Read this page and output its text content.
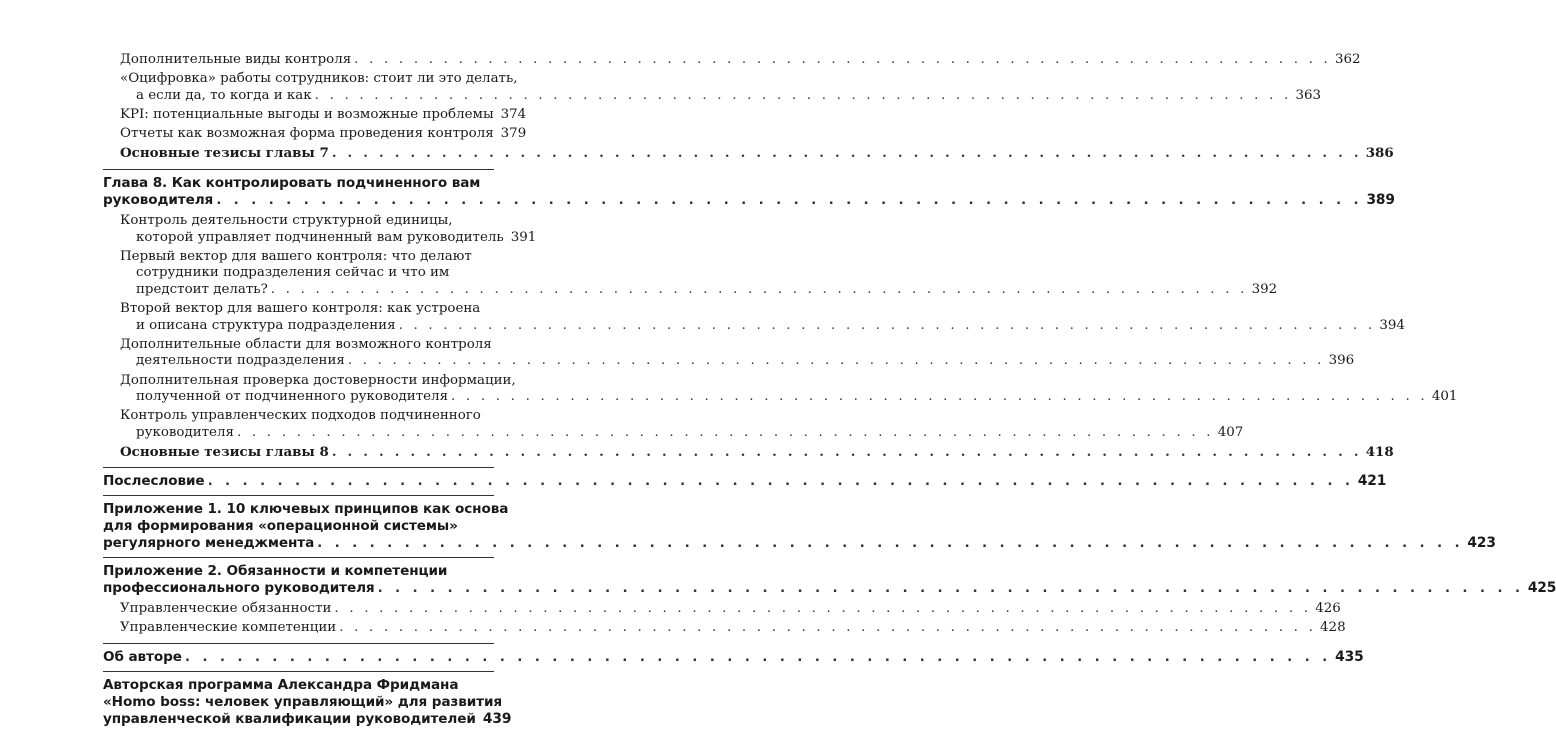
Дополнительные виды контроля . . . . . . . . . . . . . . . . . . . . . . . . . . . . . . . . . . . . . . . . . . . . . . . . . . . . . . . . . . . . . . . . . . 362
«Оцифровка» работы сотрудников: стоит ли это делать,
а если да, то когда и как . . . . . . . . . . . . . . . . . . . . . . . . . . . . . . . . . . . . . . . . . . . . . . . . . . . . . . . . . . . . . . . . . . 363
KPI: потенциальные выгоды и возможные проблемы 374
Отчеты как возможная форма проведения контроля 379
Основные тезисы главы 7 . . . . . . . . . . . . . . . . . . . . . . . . . . . . . . . . . . . . . . . . . . . . . . . . . . . . . . . . . . . . . . . . . . 386
Глава 8. Как контролировать подчиненного вам
руководителя . . . . . . . . . . . . . . . . . . . . . . . . . . . . . . . . . . . . . . . . . . . . . . . . . . . . . . . . . . . . . . . . . . 389
Контроль деятельности структурной единицы,
которой управляет подчиненный вам руководитель 391
Первый вектор для вашего контроля: что делают
сотрудники подразделения сейчас и что им
предстоит делать? . . . . . . . . . . . . . . . . . . . . . . . . . . . . . . . . . . . . . . . . . . . . . . . . . . . . . . . . . . . . . . . . . . 392
Второй вектор для вашего контроля: как устроена
и описана структура подразделения . . . . . . . . . . . . . . . . . . . . . . . . . . . . . . . . . . . . . . . . . . . . . . . . . . . . . . . . . . . . . . . . . . 394
Дополнительные области для возможного контроля
деятельности подразделения . . . . . . . . . . . . . . . . . . . . . . . . . . . . . . . . . . . . . . . . . . . . . . . . . . . . . . . . . . . . . . . . . . 396
Дополнительная проверка достоверности информации,
полученной от подчиненного руководителя . . . . . . . . . . . . . . . . . . . . . . . . . . . . . . . . . . . . . . . . . . . . . . . . . . . . . . . . . . . . . . . . . . 401
Контроль управленческих подходов подчиненного
руководителя . . . . . . . . . . . . . . . . . . . . . . . . . . . . . . . . . . . . . . . . . . . . . . . . . . . . . . . . . . . . . . . . . . 407
Основные тезисы главы 8 . . . . . . . . . . . . . . . . . . . . . . . . . . . . . . . . . . . . . . . . . . . . . . . . . . . . . . . . . . . . . . . . . . 418
Послесловие . . . . . . . . . . . . . . . . . . . . . . . . . . . . . . . . . . . . . . . . . . . . . . . . . . . . . . . . . . . . . . . . . . 421
Приложение 1. 10 ключевых принципов как основа
для формирования «операционной системы»
регулярного менеджмента . . . . . . . . . . . . . . . . . . . . . . . . . . . . . . . . . . . . . . . . . . . . . . . . . . . . . . . . . . . . . . . . . . 423
Приложение 2. Обязанности и компетенции
профессионального руководителя . . . . . . . . . . . . . . . . . . . . . . . . . . . . . . . . . . . . . . . . . . . . . . . . . . . . . . . . . . . . . . . . . . 425
Управленческие обязанности . . . . . . . . . . . . . . . . . . . . . . . . . . . . . . . . . . . . . . . . . . . . . . . . . . . . . . . . . . . . . . . . . . 426
Управленческие компетенции . . . . . . . . . . . . . . . . . . . . . . . . . . . . . . . . . . . . . . . . . . . . . . . . . . . . . . . . . . . . . . . . . . 428
Об авторе . . . . . . . . . . . . . . . . . . . . . . . . . . . . . . . . . . . . . . . . . . . . . . . . . . . . . . . . . . . . . . . . . . 435
Авторская программа Александра Фридмана
«Homo boss: человек управляющий» для развития
управленческой квалификации руководителей 439
